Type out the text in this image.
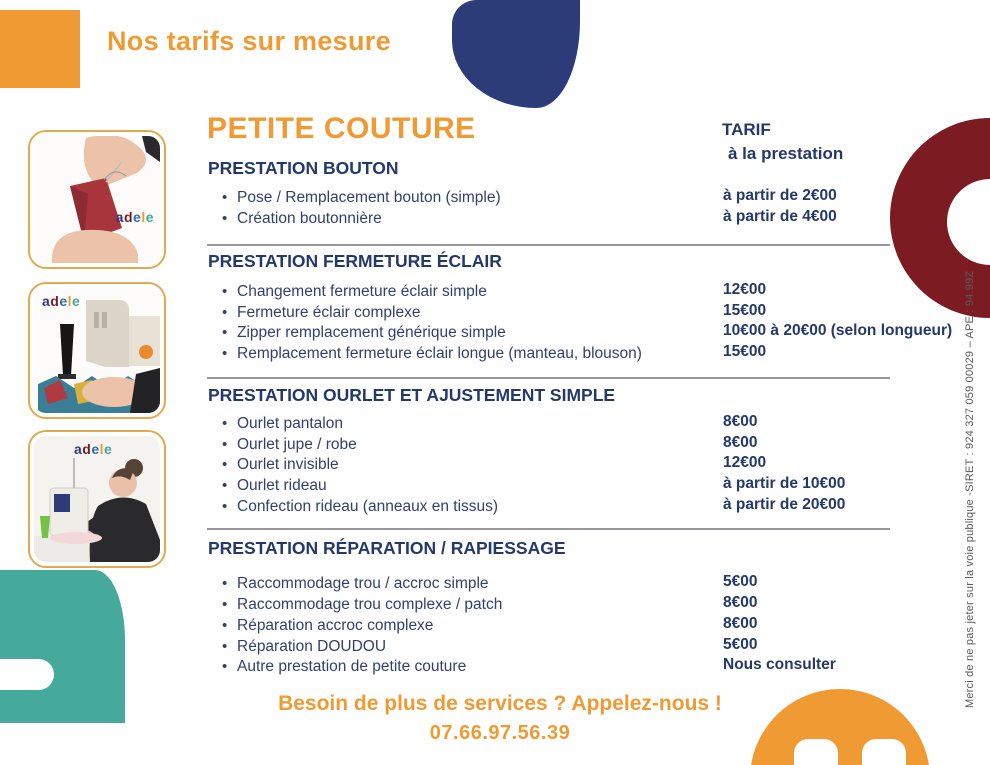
Nos tarifs sur mesure
adele
adele
adele
PETITE COUTURE	TARIF
à la prestation
PRESTATION BOUTON
• Pose / Remplacement bouton (simple)	à partir de 2€00
• Création boutonnière	à partir de 4€00
PRESTATION FERMETURE ÉCLAIR
• Changement fermeture éclair simple	12€00
• Fermeture éclair complexe	15€00
• Zipper remplacement générique simple	10€00 à 20€00 (selon longueur)
• Remplacement fermeture éclair longue (manteau, blouson)	15€00
PRESTATION OURLET ET AJUSTEMENT SIMPLE
• Ourlet pantalon	8€00
• Ourlet jupe / robe	8€00
• Ourlet invisible	12€00
• Ourlet rideau	à partir de 10€00
• Confection rideau (anneaux en tissus)	à partir de 20€00
PRESTATION RÉPARATION / RAPIESSAGE
• Raccommodage trou / accroc simple	5€00
• Raccommodage trou complexe / patch	8€00
• Réparation accroc complexe	8€00
• Réparation DOUDOU	5€00
• Autre prestation de petite couture	Nous consulter
Besoin de plus de services ? Appelez-nous !
07.66.97.56.39
Merci de ne pas jeter sur la voie publique -SIRET : 924 327 059 00029 – APE : 94.99Z
